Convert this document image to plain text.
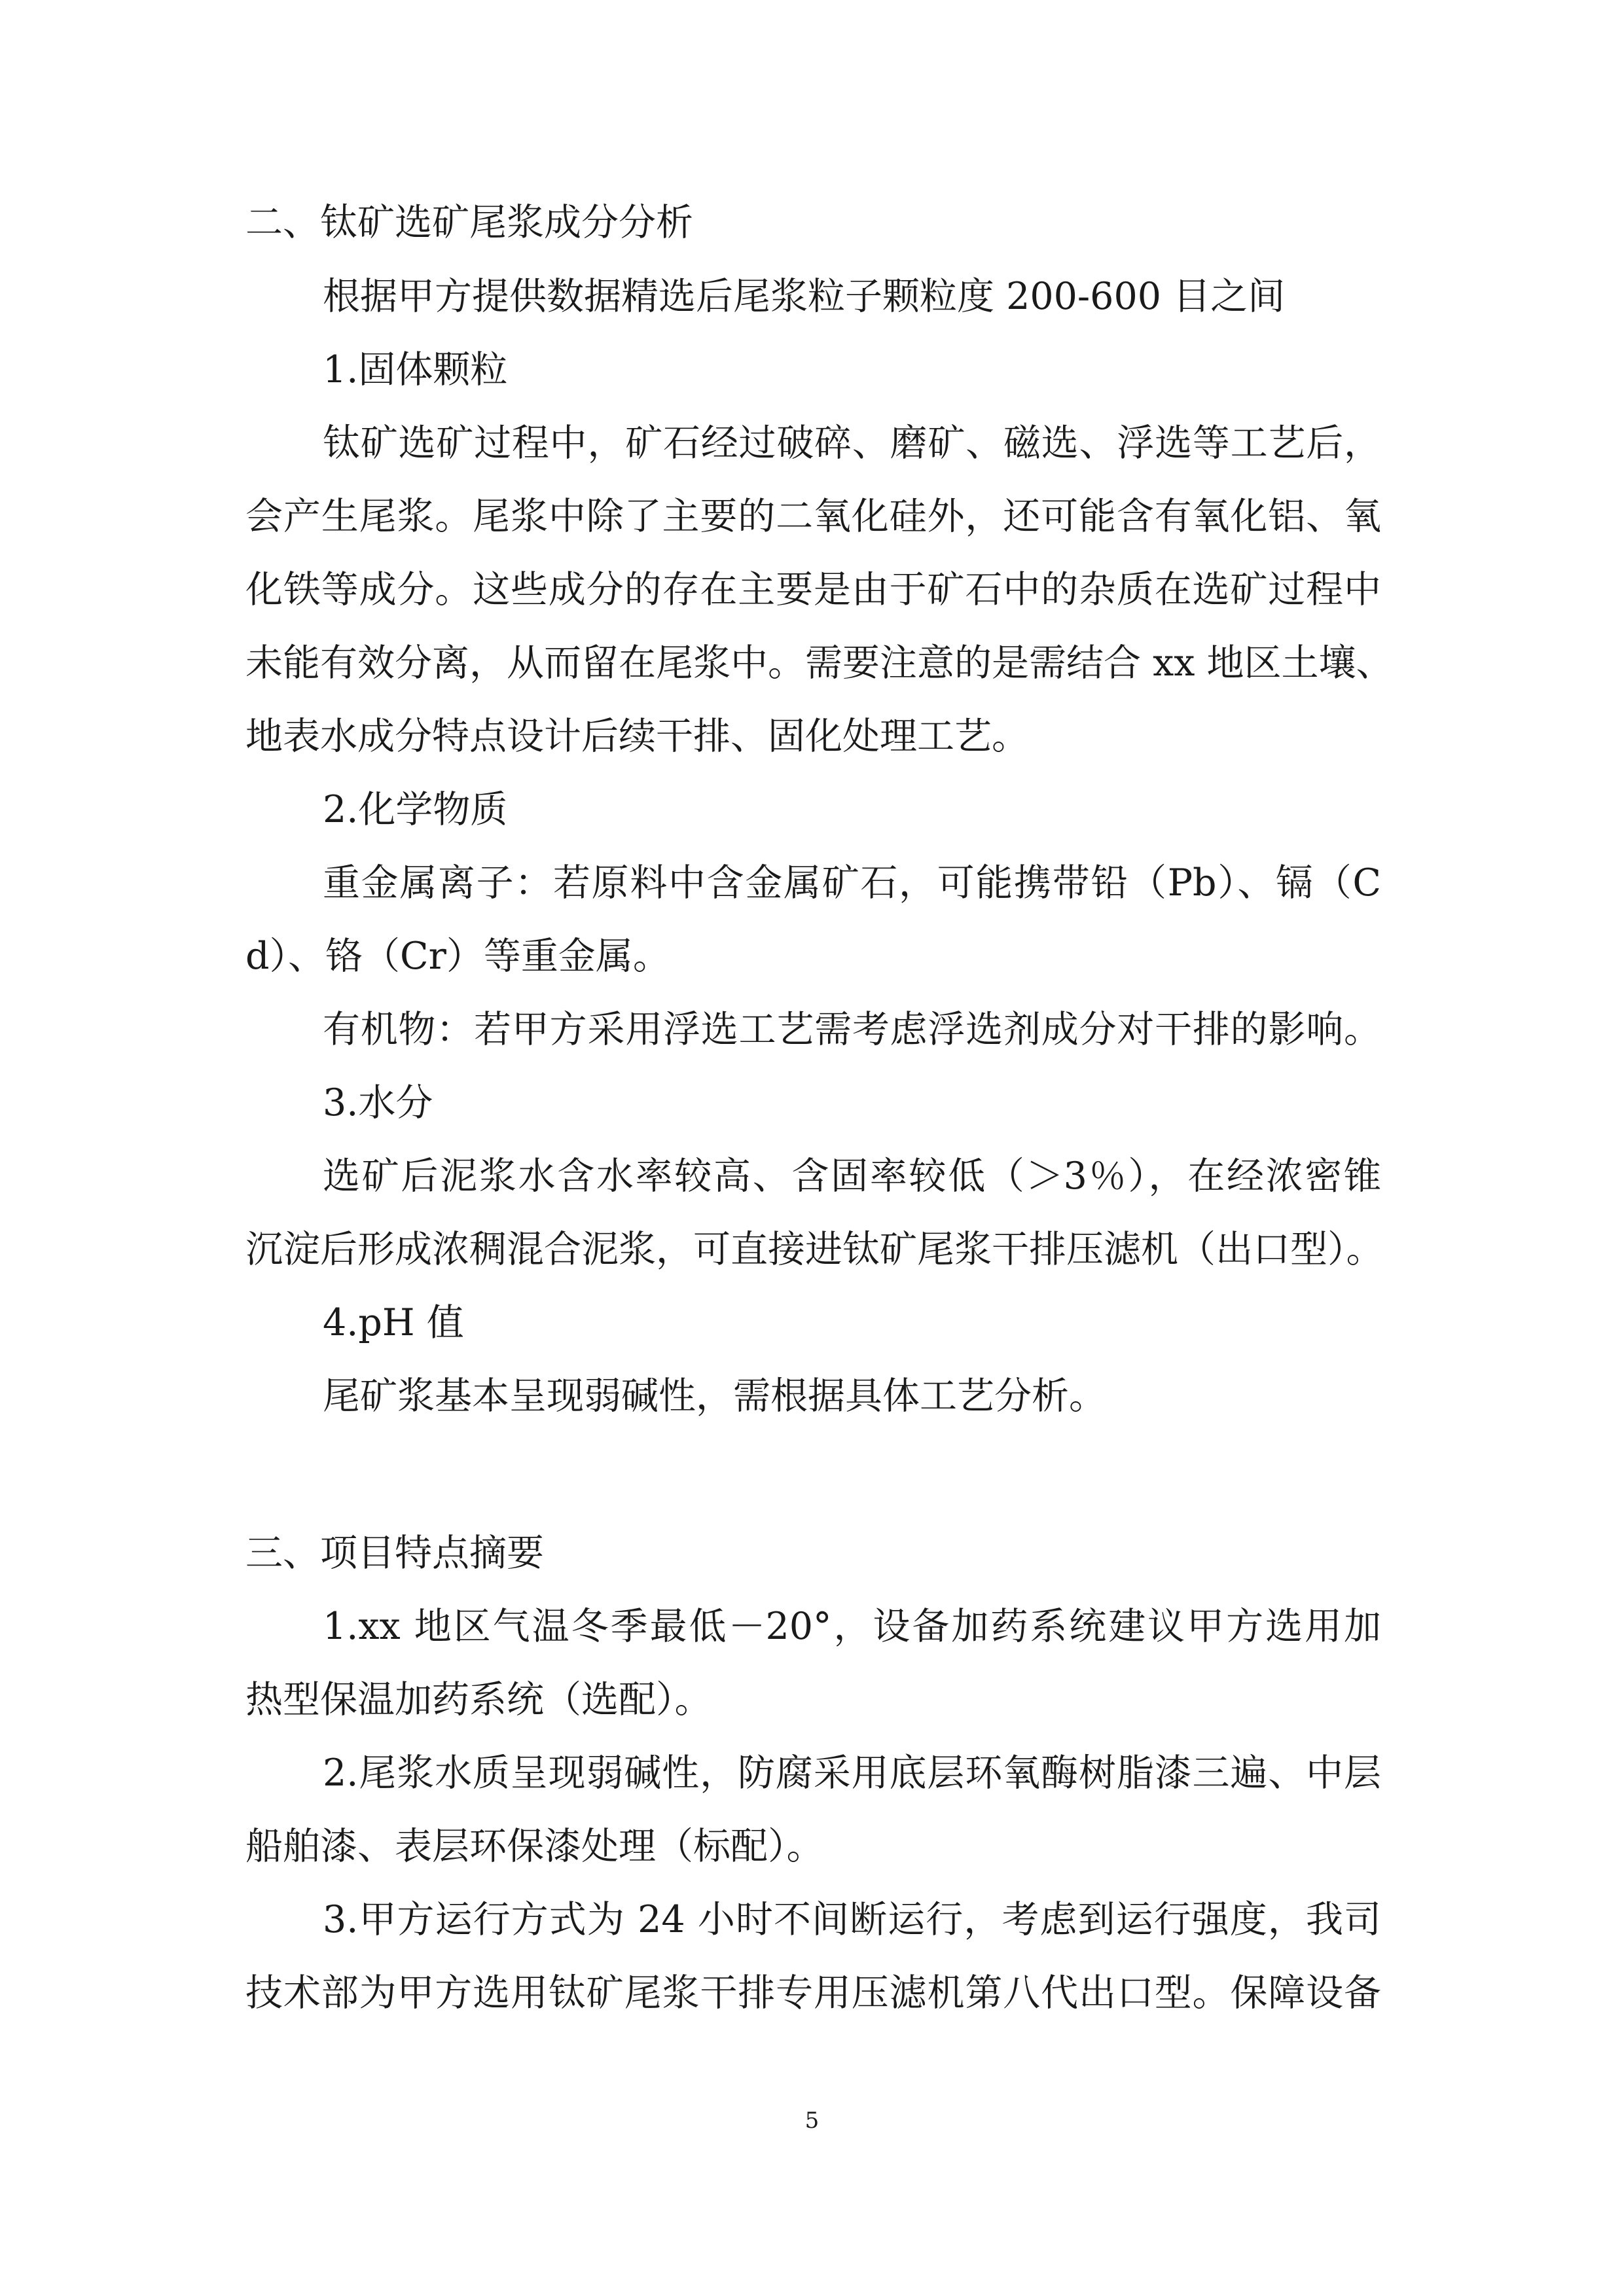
二、钛矿选矿尾浆成分分析
根据甲方提供数据精选后尾浆粒子颗粒度 200-600 目之间
1.固体颗粒
钛矿选矿过程中，矿石经过破碎、磨矿、磁选、浮选等工艺后，
会产生尾浆。尾浆中除了主要的二氧化硅外，还可能含有氧化铝、氧
化铁等成分。这些成分的存在主要是由于矿石中的杂质在选矿过程中
未能有效分离，从而留在尾浆中。需要注意的是需结合 xx 地区土壤、
地表水成分特点设计后续干排、固化处理工艺。
2.化学物质
重金属离子：若原料中含金属矿石，可能携带铅（Pb）、镉（C
d）、铬（Cr）等重金属。
有机物：若甲方采用浮选工艺需考虑浮选剂成分对干排的影响。
3.水分
选矿后泥浆水含水率较高、含固率较低（＞3％），在经浓密锥
沉淀后形成浓稠混合泥浆，可直接进钛矿尾浆干排压滤机（出口型）。
4.pH 值
尾矿浆基本呈现弱碱性，需根据具体工艺分析。
三、项目特点摘要
1.xx 地区气温冬季最低－20°，设备加药系统建议甲方选用加
热型保温加药系统（选配）。
2.尾浆水质呈现弱碱性，防腐采用底层环氧酶树脂漆三遍、中层
船舶漆、表层环保漆处理（标配）。
3.甲方运行方式为 24 小时不间断运行，考虑到运行强度，我司
技术部为甲方选用钛矿尾浆干排专用压滤机第八代出口型。保障设备
5
